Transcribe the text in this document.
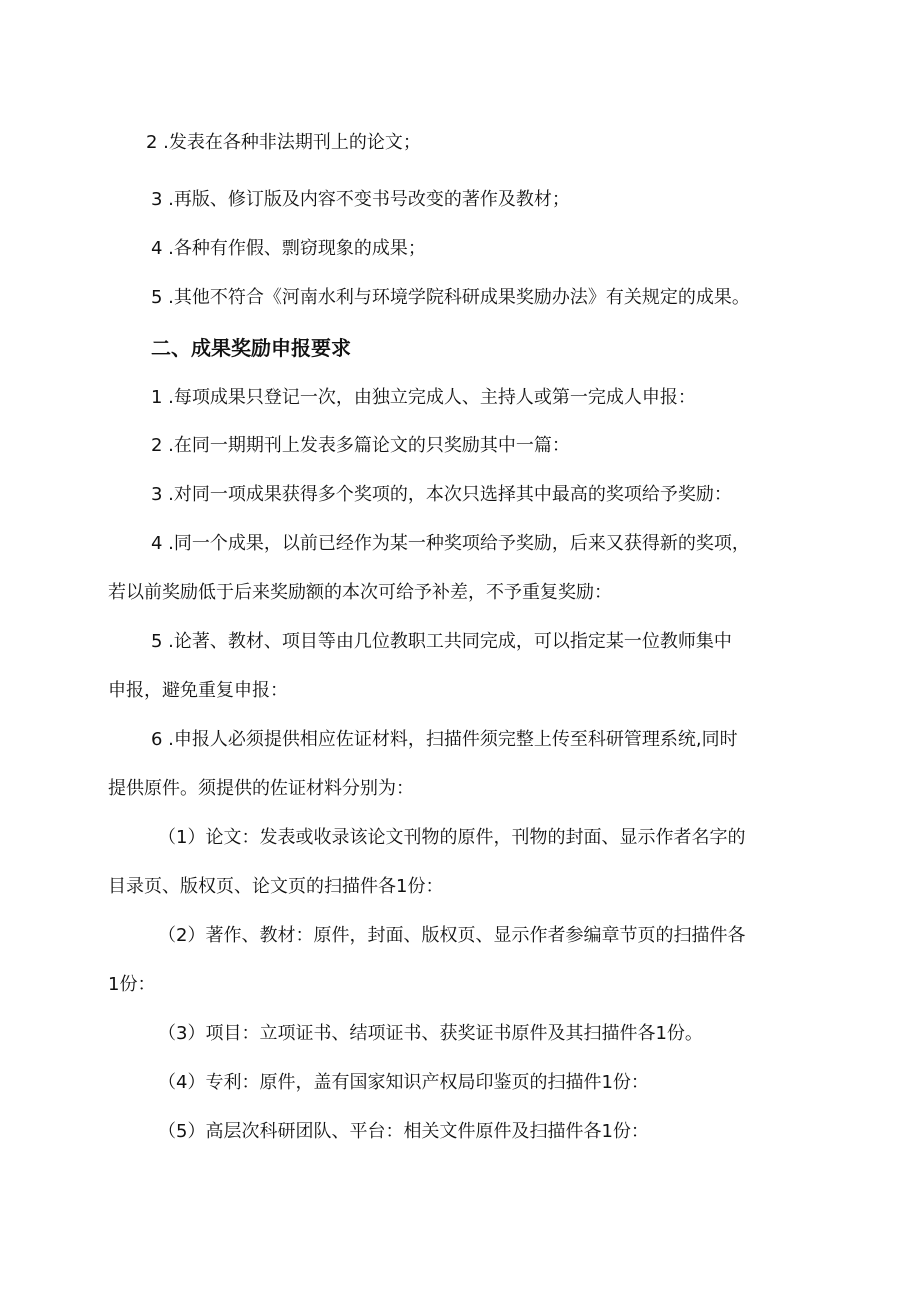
2 .发表在各种非法期刊上的论文；

3 .再版、修订版及内容不变书号改变的著作及教材；

4 .各种有作假、剽窃现象的成果；

5 .其他不符合《河南水利与环境学院科研成果奖励办法》有关规定的成果。

二、成果奖励申报要求

1 .每项成果只登记一次，由独立完成人、主持人或第一完成人申报：

2 .在同一期期刊上发表多篇论文的只奖励其中一篇：

3 .对同一项成果获得多个奖项的，本次只选择其中最高的奖项给予奖励：

4 .同一个成果，以前已经作为某一种奖项给予奖励，后来又获得新的奖项，

若以前奖励低于后来奖励额的本次可给予补差，不予重复奖励：

5 .论著、教材、项目等由几位教职工共同完成，可以指定某一位教师集中

申报，避免重复申报：

6 .申报人必须提供相应佐证材料，扫描件须完整上传至科研管理系统,同时

提供原件。须提供的佐证材料分别为：

（1）论文：发表或收录该论文刊物的原件，刊物的封面、显示作者名字的

目录页、版权页、论文页的扫描件各1份：

（2）著作、教材：原件，封面、版权页、显示作者参编章节页的扫描件各

1份：

（3）项目：立项证书、结项证书、获奖证书原件及其扫描件各1份。

（4）专利：原件，盖有国家知识产权局印鉴页的扫描件1份：

（5）高层次科研团队、平台：相关文件原件及扫描件各1份：
